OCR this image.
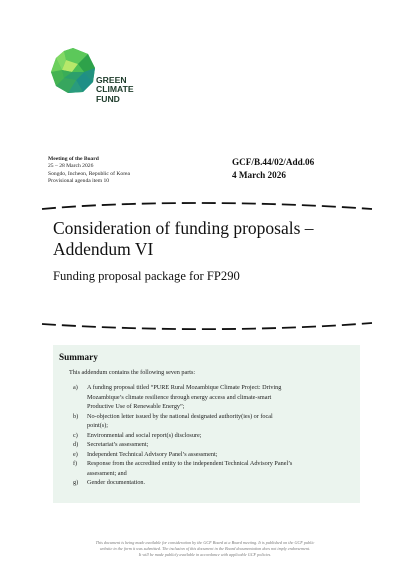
GREEN
CLIMATE
FUND
Meeting of the Board
25 – 28 March 2026
Songdo, Incheon, Republic of Korea
Provisional agenda item 10
GCF/B.44/02/Add.06
4 March 2026
Consideration of funding proposals –
Addendum VI
Funding proposal package for FP290
Summary
This addendum contains the following seven parts:
a) A funding proposal titled “PURE Rural Mozambique Climate Project: Driving
Mozambique’s climate resilience through energy access and climate-smart
Productive Use of Renewable Energy”;
b) No-objection letter issued by the national designated authority(ies) or focal
point(s);
c) Environmental and social report(s) disclosure;
d) Secretariat’s assessment;
e) Independent Technical Advisory Panel’s assessment;
f) Response from the accredited entity to the independent Technical Advisory Panel’s
assessment; and
g) Gender documentation.
This document is being made available for consideration by the GCF Board at a Board meeting. It is published on the GCF public
website in the form it was submitted. The inclusion of this document in the Board documentation does not imply endorsement.
It will be made publicly available in accordance with applicable GCF policies.
